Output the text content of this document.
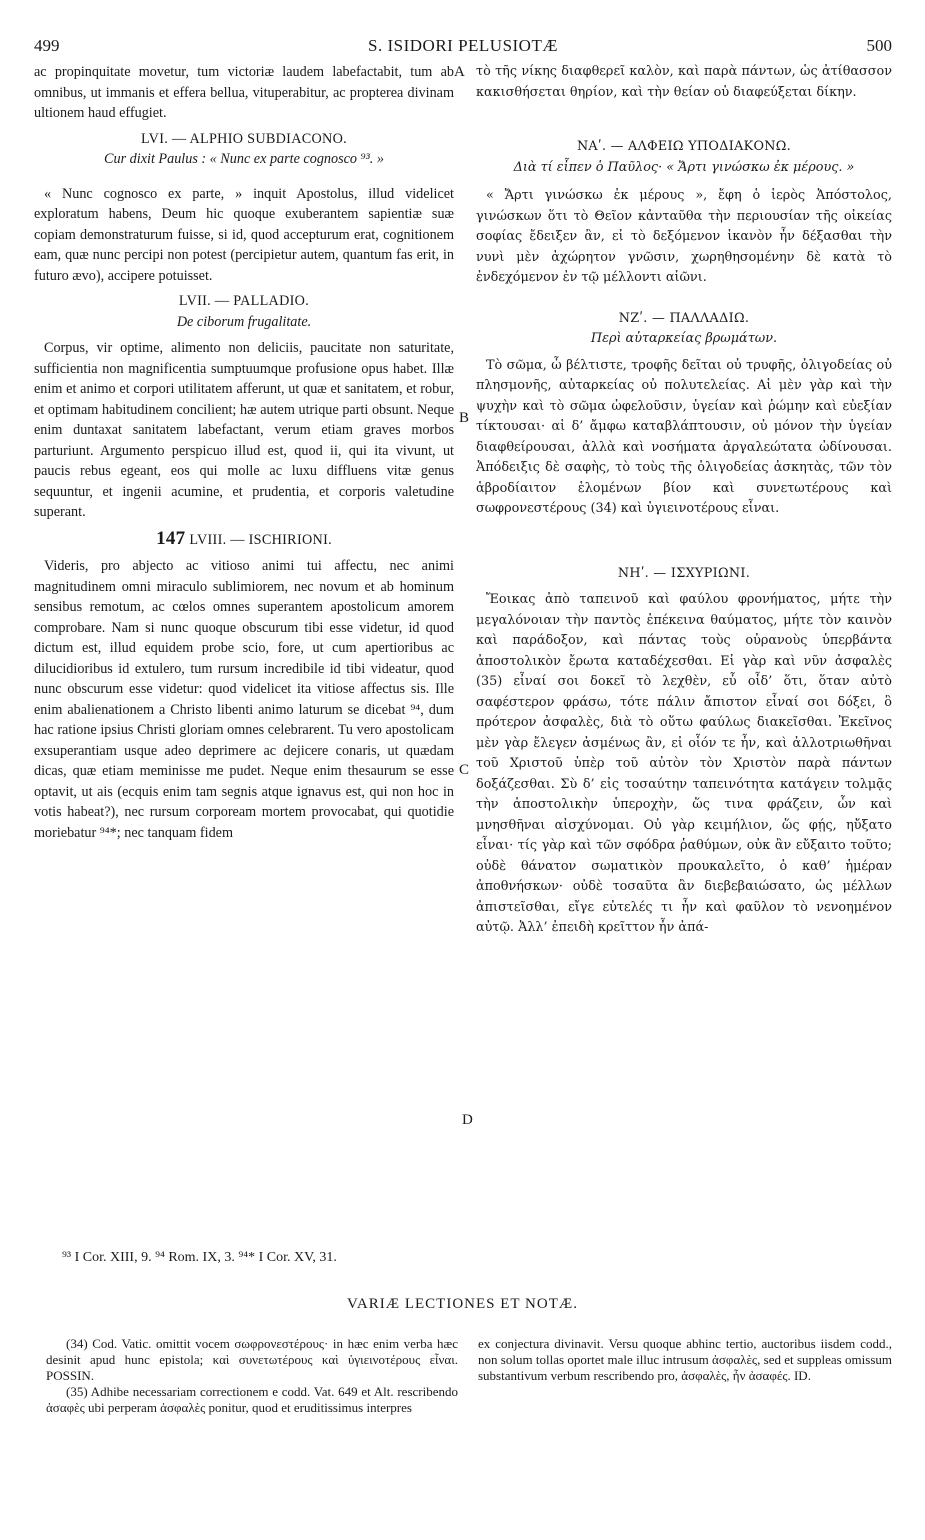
499	S. ISIDORI PELUSIOTÆ	500

ac propinquitate movetur, tum victoriæ laudem labefactabit, tum ab omnibus, ut immanis et effera bellua, vituperabitur, ac propterea divinam ultionem haud effugiet.

LVI. — ALPHIO SUBDIACONO.

Cur dixit Paulus : « Nunc ex parte cognosco ⁹³. »

« Nunc cognosco ex parte, » inquit Apostolus, illud videlicet exploratum habens, Deum hic quoque exuberantem sapientiæ suæ copiam demonstraturum fuisse, si id, quod accepturum erat, cognitionem eam, quæ nunc percipi non potest (percipietur autem, quantum fas erit, in futuro ævo), accipere potuisset.

LVII. — PALLADIO.

De ciborum frugalitate.

Corpus, vir optime, alimento non deliciis, paucitate non saturitate, sufficientia non magnificentia sumptuumque profusione opus habet. Illæ enim et animo et corpori utilitatem afferunt, ut quæ et sanitatem, et robur, et optimam habitudinem concilient; hæ autem utrique parti obsunt. Neque enim duntaxat sanitatem labefactant, verum etiam graves morbos parturiunt. Argumento perspicuo illud est, quod ii, qui ita vivunt, ut paucis rebus egeant, eos qui molle ac luxu diffluens vitæ genus sequuntur, et ingenii acumine, et prudentia, et corporis valetudine superant.

147 LVIII. — ISCHIRIONI.

Videris, pro abjecto ac vitioso animi tui affectu, nec animi magnitudinem omni miraculo sublimiorem, nec novum et ab hominum sensibus remotum, ac cœlos omnes superantem apostolicum amorem comprobare. Nam si nunc quoque obscurum tibi esse videtur, id quod dictum est, illud equidem probe scio, fore, ut cum apertioribus ac dilucidioribus id extulero, tum rursum incredibile id tibi videatur, quod nunc obscurum esse videtur: quod videlicet ita vitiose affectus sis. Ille enim abalienationem a Christo libenti animo laturum se dicebat ⁹⁴, dum hac ratione ipsius Christi gloriam omnes celebrarent. Tu vero apostolicam exsuperantiam usque adeo deprimere ac dejicere conaris, ut quædam dicas, quæ etiam meminisse me pudet. Neque enim thesaurum se esse optavit, ut ais (ecquis enim tam segnis atque ignavus est, qui non hoc in votis habeat?), nec rursum corpoream mortem provocabat, qui quotidie moriebatur ⁹⁴*; nec tanquam fidem

τὸ τῆς νίκης διαφθερεῖ καλὸν, καὶ παρὰ πάντων, ὡς ἀτίθασσον κακισθήσεται θηρίον, καὶ τὴν θείαν οὐ διαφεύξεται δίκην.

ΝΑʹ. — ΑΛΦΕΙΩ ΥΠΟΔΙΑΚΟΝΩ.

Διὰ τί εἶπεν ὁ Παῦλος· « Ἄρτι γινώσκω ἐκ μέρους. »

« Ἄρτι γινώσκω ἐκ μέρους », ἔφη ὁ ἱερὸς Ἀπόστολος, γινώσκων ὅτι τὸ Θεῖον κἀνταῦθα τὴν περιουσίαν τῆς οἰκείας σοφίας ἔδειξεν ἂν, εἰ τὸ δεξόμενον ἱκανὸν ἦν δέξασθαι τὴν νυνὶ μὲν ἀχώρητον γνῶσιν, χωρηθησομένην δὲ κατὰ τὸ ἐνδεχόμενον ἐν τῷ μέλλοντι αἰῶνι.

ΝΖʹ. — ΠΑΛΛΑΔΙΩ.

Περὶ αὐταρκείας βρωμάτων.

Τὸ σῶμα, ὦ βέλτιστε, τροφῆς δεῖται οὐ τρυφῆς, ὀλιγοδείας οὐ πλησμονῆς, αὐταρκείας οὐ πολυτελείας. Αἱ μὲν γὰρ καὶ τὴν ψυχὴν καὶ τὸ σῶμα ὠφελοῦσιν, ὑγείαν καὶ ῥώμην καὶ εὐεξίαν τίκτουσαι· αἱ δ’ ἄμφω καταβλάπτουσιν, οὐ μόνον τὴν ὑγείαν διαφθείρουσαι, ἀλλὰ καὶ νοσήματα ἀργαλεώτατα ὠδίνουσαι. Ἀπόδειξις δὲ σαφὴς, τὸ τοὺς τῆς ὀλιγοδείας ἀσκητὰς, τῶν τὸν ἁβροδίαιτον ἑλομένων βίον καὶ συνετωτέρους καὶ σωφρονεστέρους (34) καὶ ὑγιεινοτέρους εἶναι.

ΝΗʹ. — ΙΣΧΥΡΙΩΝΙ.

Ἔοικας ἀπὸ ταπεινοῦ καὶ φαύλου φρονήματος, μήτε τὴν μεγαλόνοιαν τὴν παντὸς ἐπέκεινα θαύματος, μήτε τὸν καινὸν καὶ παράδοξον, καὶ πάντας τοὺς οὐρανοὺς ὑπερβάντα ἀποστολικὸν ἔρωτα καταδέχεσθαι. Εἰ γὰρ καὶ νῦν ἀσφαλὲς (35) εἶναί σοι δοκεῖ τὸ λεχθὲν, εὖ οἶδ’ ὅτι, ὅταν αὐτὸ σαφέστερον φράσω, τότε πάλιν ἄπιστον εἶναί σοι δόξει, ὃ πρότερον ἀσφαλὲς, διὰ τὸ οὕτω φαύλως διακεῖσθαι. Ἐκεῖνος μὲν γὰρ ἔλεγεν ἀσμένως ἂν, εἰ οἷόν τε ἦν, καὶ ἀλλοτριωθῆναι τοῦ Χριστοῦ ὑπὲρ τοῦ αὐτὸν τὸν Χριστὸν παρὰ πάντων δοξάζεσθαι. Σὺ δ’ εἰς τοσαύτην ταπεινότητα κατάγειν τολμᾷς τὴν ἀποστολικὴν ὑπεροχὴν, ὥς τινα φράζειν, ὧν καὶ μνησθῆναι αἰσχύνομαι. Οὐ γὰρ κειμήλιον, ὥς φῄς, ηὔξατο εἶναι· τίς γὰρ καὶ τῶν σφόδρα ῥαθύμων, οὐκ ἂν εὔξαιτο τοῦτο; οὐδὲ θάνατον σωματικὸν προυκαλεῖτο, ὁ καθ’ ἡμέραν ἀποθνήσκων· οὐδὲ τοσαῦτα ἂν διεβεβαιώσατο, ὡς μέλλων ἀπιστεῖσθαι, εἴγε εὐτελές τι ἦν καὶ φαῦλον τὸ νενοημένον αὐτῷ. Ἀλλ’ ἐπειδὴ κρεῖττον ἦν ἀπά-

A
B
C
D
⁹³ I Cor. XIII, 9. ⁹⁴ Rom. IX, 3. ⁹⁴* I Cor. XV, 31.
VARIÆ LECTIONES ET NOTÆ.

(34) Cod. Vatic. omittit vocem σωφρονεστέρους· in hæc enim verba hæc desinit apud hunc epistola; καὶ συνετωτέρους καὶ ὑγιεινοτέρους εἶναι. POSSIN.

(35) Adhibe necessariam correctionem e codd. Vat. 649 et Alt. rescribendo ἀσαφὲς ubi perperam ἀσφαλὲς ponitur, quod et eruditissimus interpres

ex conjectura divinavit. Versu quoque abhinc tertio, auctoribus iisdem codd., non solum tollas oportet male illuc intrusum ἀσφαλὲς, sed et suppleas omissum substantivum verbum rescribendo pro, ἀσφαλὲς, ἦν ἀσαφές. ID.
